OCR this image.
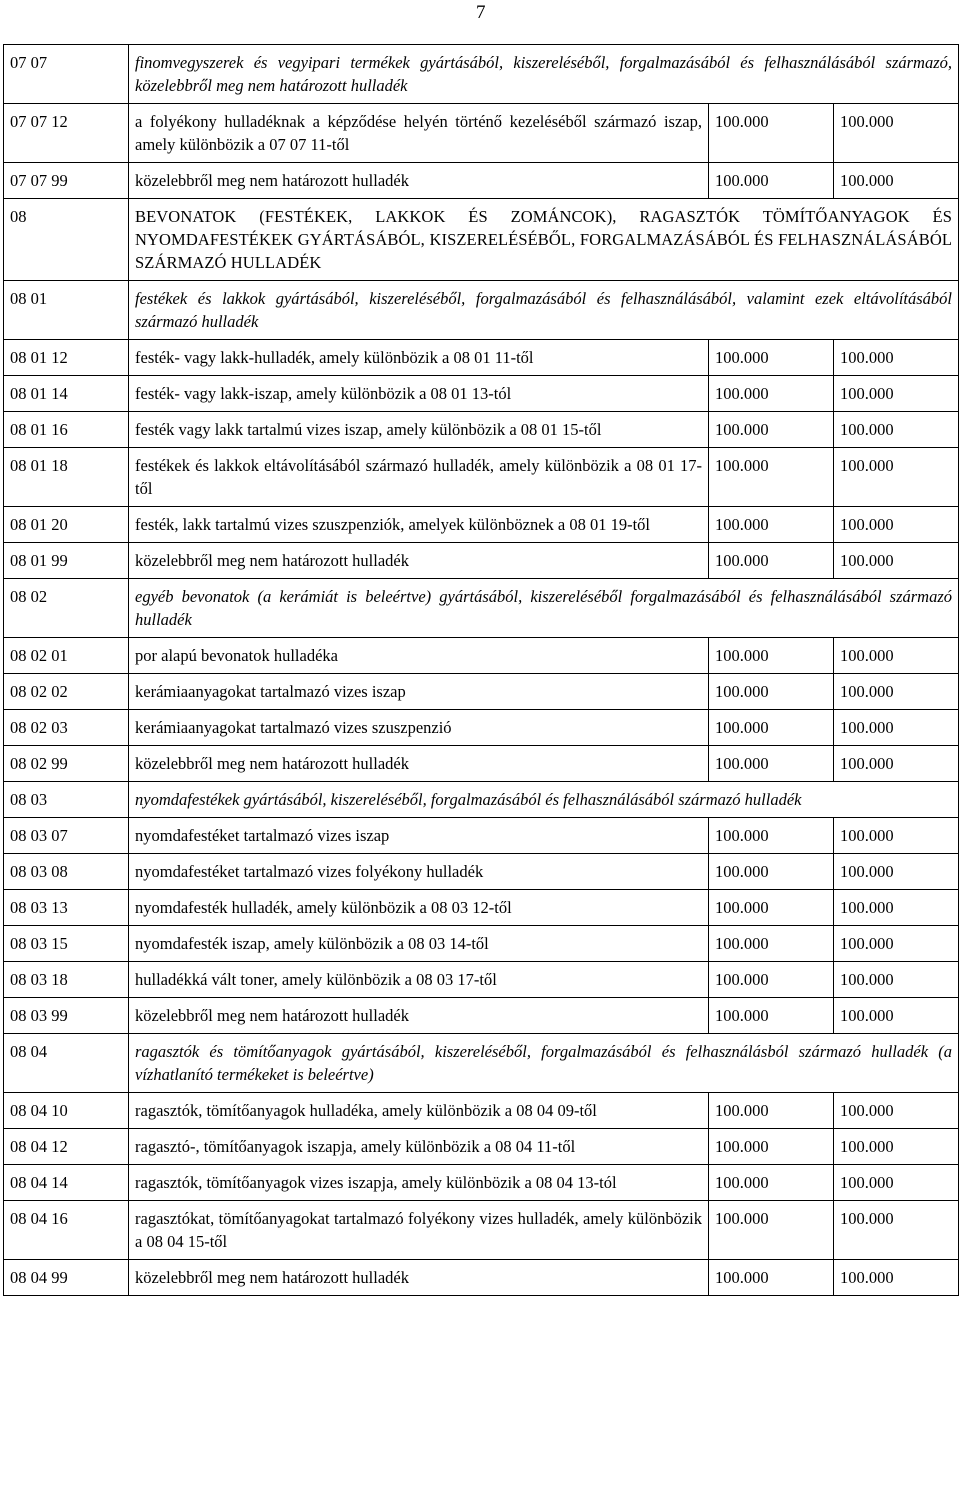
7
07 07	finomvegyszerek és vegyipari termékek gyártásából, kiszereléséből, forgalmazásából és felhasználásából származó, közelebbről meg nem határozott hulladék		
07 07 12	a folyékony hulladéknak a képződése helyén történő kezeléséből származó iszap, amely különbözik a 07 07 11-től	100.000	100.000
07 07 99	közelebbről meg nem határozott hulladék	100.000	100.000
08	BEVONATOK (FESTÉKEK, LAKKOK ÉS ZOMÁNCOK), RAGASZTÓK TÖMÍTŐANYAGOK ÉS NYOMDAFESTÉKEK GYÁRTÁSÁBÓL, KISZERELÉSÉBŐL, FORGALMAZÁSÁBÓL ÉS FELHASZNÁLÁSÁBÓL SZÁRMAZÓ HULLADÉK		
08 01	festékek és lakkok gyártásából, kiszereléséből, forgalmazásából és felhasználásából, valamint ezek eltávolításából származó hulladék		
08 01 12	festék- vagy lakk-hulladék, amely különbözik a 08 01 11-től	100.000	100.000
08 01 14	festék- vagy lakk-iszap, amely különbözik a 08 01 13-tól	100.000	100.000
08 01 16	festék vagy lakk tartalmú vizes iszap, amely különbözik a 08 01 15-től	100.000	100.000
08 01 18	festékek és lakkok eltávolításából származó hulladék, amely különbözik a 08 01 17-től	100.000	100.000
08 01 20	festék, lakk tartalmú vizes szuszpenziók, amelyek különböznek a 08 01 19-től	100.000	100.000
08 01 99	közelebbről meg nem határozott hulladék	100.000	100.000
08 02	egyéb bevonatok (a kerámiát is beleértve) gyártásából, kiszereléséből forgalmazásából és felhasználásából származó hulladék		
08 02 01	por alapú bevonatok hulladéka	100.000	100.000
08 02 02	kerámiaanyagokat tartalmazó vizes iszap	100.000	100.000
08 02 03	kerámiaanyagokat tartalmazó vizes szuszpenzió	100.000	100.000
08 02 99	közelebbről meg nem határozott hulladék	100.000	100.000
08 03	nyomdafestékek gyártásából, kiszereléséből, forgalmazásából és felhasználásából származó hulladék		
08 03 07	nyomdafestéket tartalmazó vizes iszap	100.000	100.000
08 03 08	nyomdafestéket tartalmazó vizes folyékony hulladék	100.000	100.000
08 03 13	nyomdafesték hulladék, amely különbözik a 08 03 12-től	100.000	100.000
08 03 15	nyomdafesték iszap, amely különbözik a 08 03 14-től	100.000	100.000
08 03 18	hulladékká vált toner, amely különbözik a 08 03 17-től	100.000	100.000
08 03 99	közelebbről meg nem határozott hulladék	100.000	100.000
08 04	ragasztók és tömítőanyagok gyártásából, kiszereléséből, forgalmazásából és felhasználásból származó hulladék (a vízhatlanító termékeket is beleértve)		
08 04 10	ragasztók, tömítőanyagok hulladéka, amely különbözik a 08 04 09-től	100.000	100.000
08 04 12	ragasztó-, tömítőanyagok iszapja, amely különbözik a 08 04 11-től	100.000	100.000
08 04 14	ragasztók, tömítőanyagok vizes iszapja, amely különbözik a 08 04 13-tól	100.000	100.000
08 04 16	ragasztókat, tömítőanyagokat tartalmazó folyékony vizes hulladék, amely különbözik a 08 04 15-től	100.000	100.000
08 04 99	közelebbről meg nem határozott hulladék	100.000	100.000
